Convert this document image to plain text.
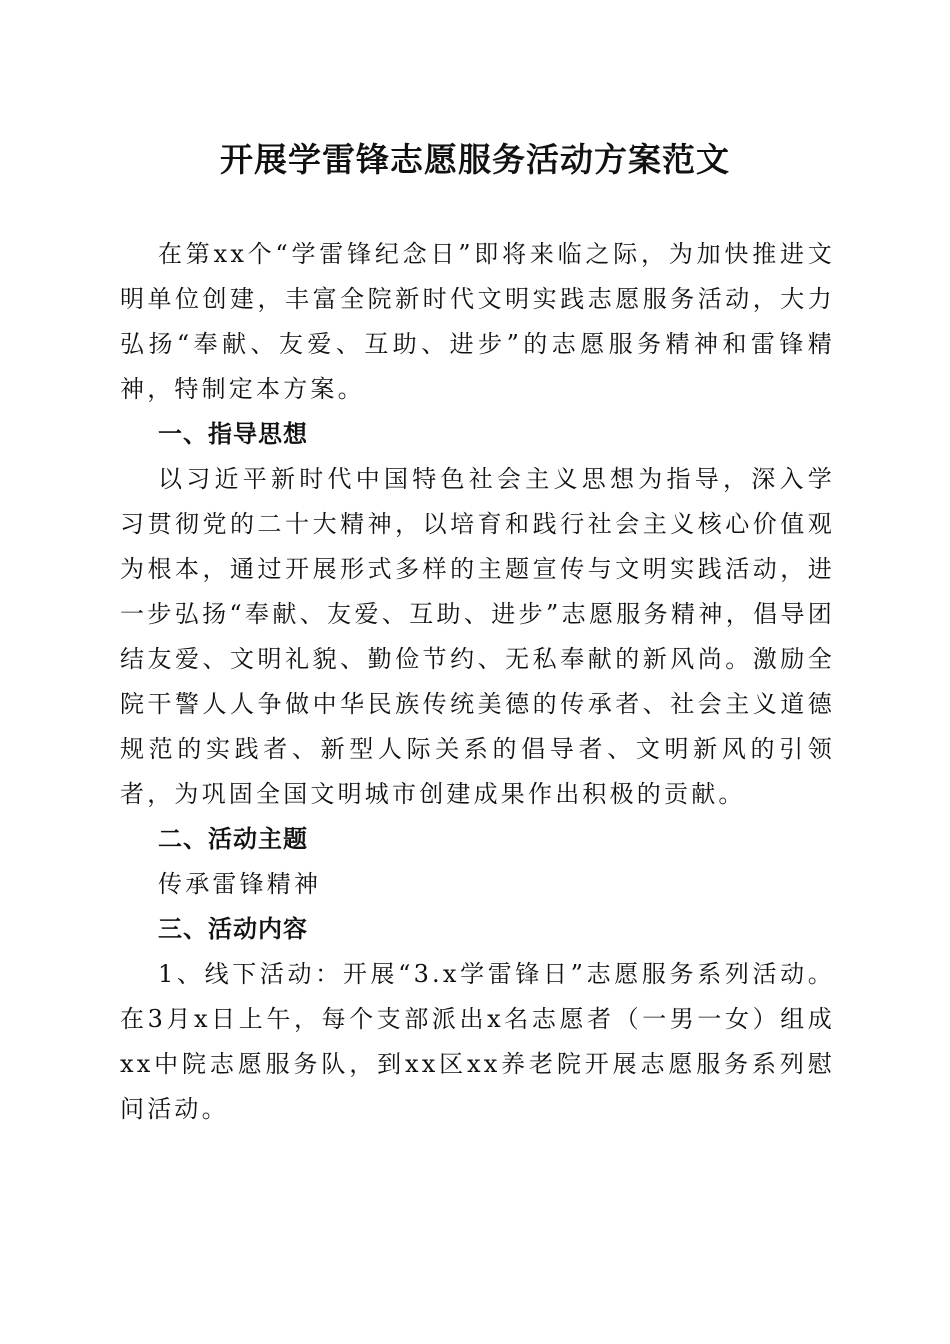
开展学雷锋志愿服务活动方案范文

在第xx个“学雷锋纪念日”即将来临之际，为加快推进文明单位创建，丰富全院新时代文明实践志愿服务活动，大力弘扬“奉献、友爱、互助、进步”的志愿服务精神和雷锋精神，特制定本方案。

一、指导思想

以习近平新时代中国特色社会主义思想为指导，深入学习贯彻党的二十大精神，以培育和践行社会主义核心价值观为根本，通过开展形式多样的主题宣传与文明实践活动，进一步弘扬“奉献、友爱、互助、进步”志愿服务精神，倡导团结友爱、文明礼貌、勤俭节约、无私奉献的新风尚。激励全院干警人人争做中华民族传统美德的传承者、社会主义道德规范的实践者、新型人际关系的倡导者、文明新风的引领者，为巩固全国文明城市创建成果作出积极的贡献。

二、活动主题

传承雷锋精神

三、活动内容

1、线下活动：开展“3.x学雷锋日”志愿服务系列活动。在3月x日上午，每个支部派出x名志愿者（一男一女）组成xx中院志愿服务队，到xx区xx养老院开展志愿服务系列慰问活动。
